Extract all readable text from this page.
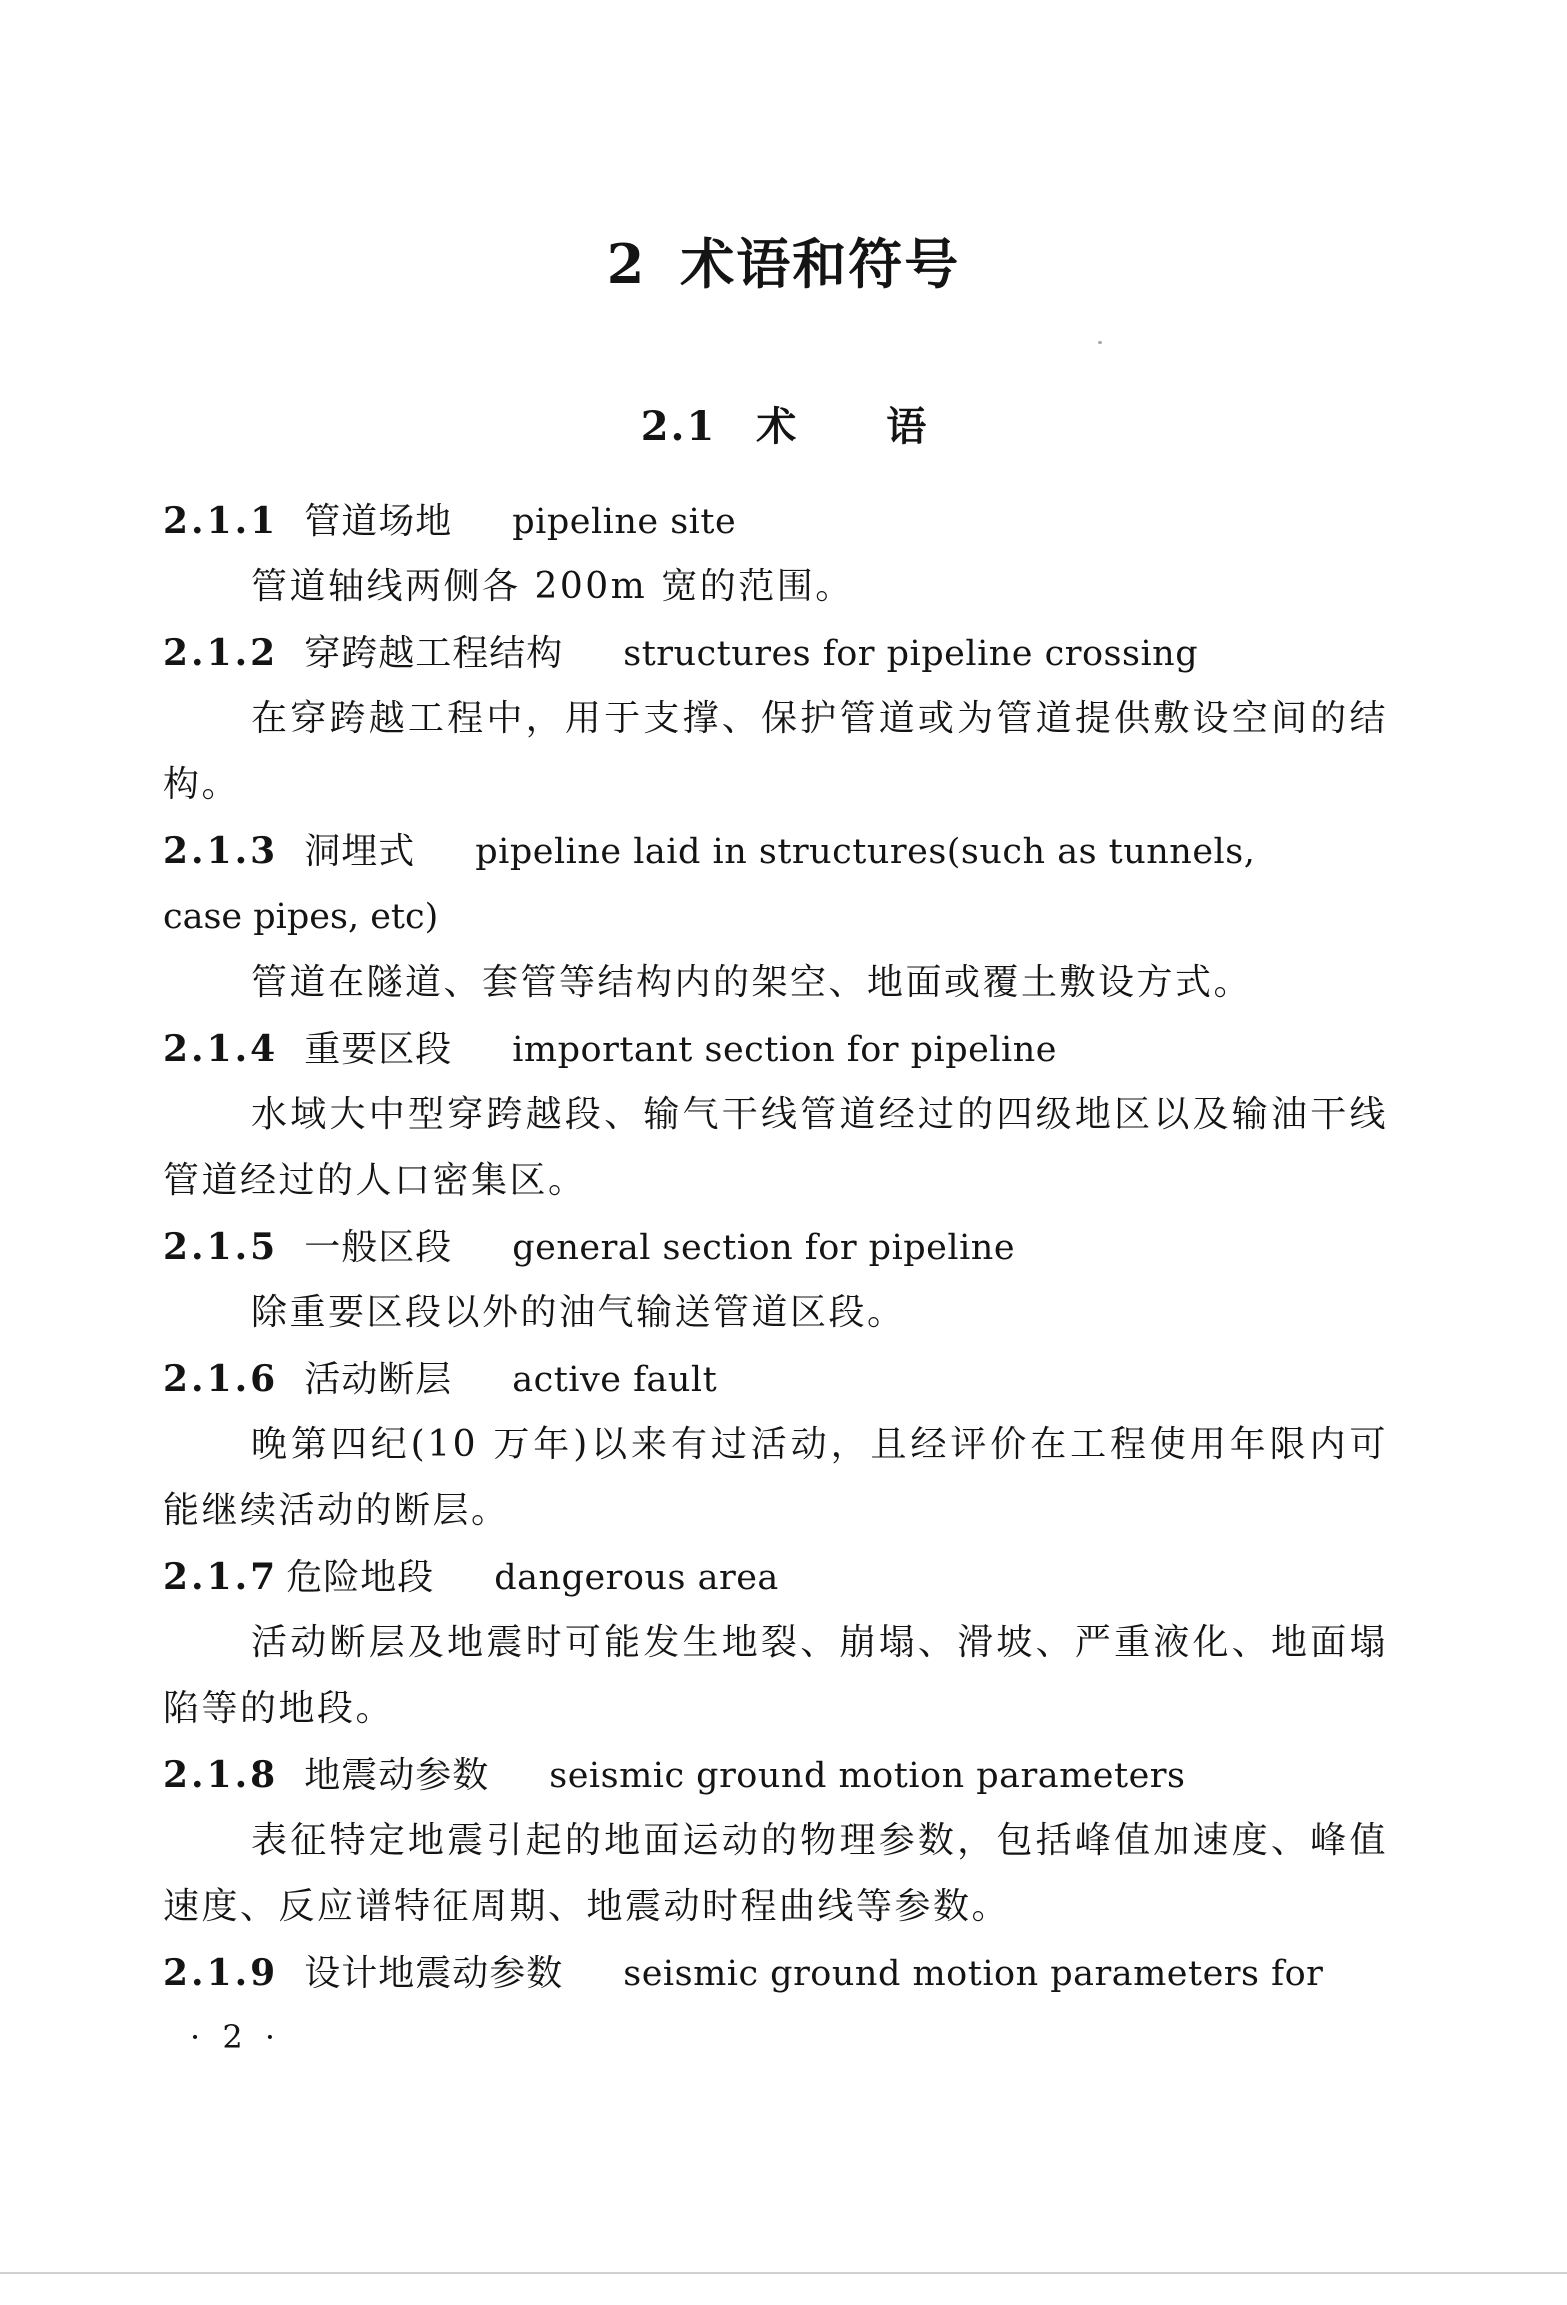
2 术语和符号
2.1 术 语
2.1.1 管道场地 pipeline site
管道轴线两侧各 200m 宽的范围。
2.1.2 穿跨越工程结构 structures for pipeline crossing
在穿跨越工程中，用于支撑、保护管道或为管道提供敷设空间的结构。
2.1.3 洞埋式 pipeline laid in structures(such as tunnels,
case pipes, etc)
管道在隧道、套管等结构内的架空、地面或覆土敷设方式。
2.1.4 重要区段 important section for pipeline
水域大中型穿跨越段、输气干线管道经过的四级地区以及输油干线管道经过的人口密集区。
2.1.5 一般区段 general section for pipeline
除重要区段以外的油气输送管道区段。
2.1.6 活动断层 active fault
晚第四纪(10 万年)以来有过活动，且经评价在工程使用年限内可能继续活动的断层。
2.1.7 危险地段 dangerous area
活动断层及地震时可能发生地裂、崩塌、滑坡、严重液化、地面塌陷等的地段。
2.1.8 地震动参数 seismic ground motion parameters
表征特定地震引起的地面运动的物理参数，包括峰值加速度、峰值速度、反应谱特征周期、地震动时程曲线等参数。
2.1.9 设计地震动参数 seismic ground motion parameters for
· 2 ·
